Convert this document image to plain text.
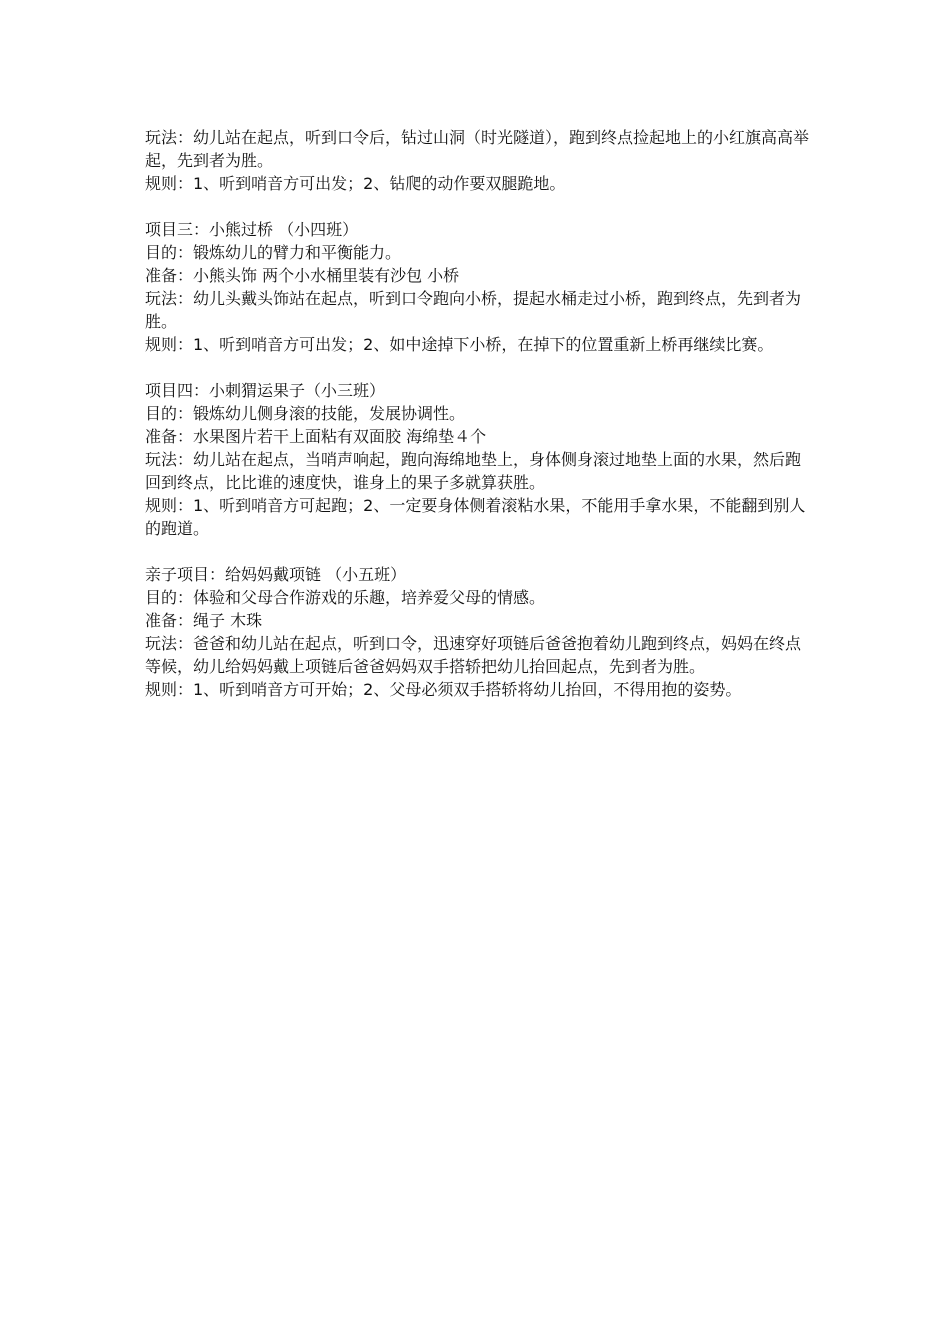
玩法：幼儿站在起点，听到口令后，钻过山洞（时光隧道），跑到终点捡起地上的小红旗高高举起，先到者为胜。

规则：1、听到哨音方可出发；2、钻爬的动作要双腿跪地。

项目三：小熊过桥 （小四班）

目的：锻炼幼儿的臂力和平衡能力。

准备：小熊头饰 两个小水桶里装有沙包 小桥

玩法：幼儿头戴头饰站在起点，听到口令跑向小桥，提起水桶走过小桥，跑到终点，先到者为胜。

规则：1、听到哨音方可出发；2、如中途掉下小桥，在掉下的位置重新上桥再继续比赛。

项目四：小刺猬运果子（小三班）

目的：锻炼幼儿侧身滚的技能，发展协调性。

准备：水果图片若干上面粘有双面胶 海绵垫４个

玩法：幼儿站在起点，当哨声响起，跑向海绵地垫上，身体侧身滚过地垫上面的水果，然后跑回到终点，比比谁的速度快，谁身上的果子多就算获胜。

规则：1、听到哨音方可起跑；2、一定要身体侧着滚粘水果，不能用手拿水果，不能翻到别人的跑道。

亲子项目：给妈妈戴项链 （小五班）

目的：体验和父母合作游戏的乐趣，培养爱父母的情感。

准备：绳子 木珠

玩法：爸爸和幼儿站在起点，听到口令，迅速穿好项链后爸爸抱着幼儿跑到终点，妈妈在终点等候，幼儿给妈妈戴上项链后爸爸妈妈双手搭轿把幼儿抬回起点，先到者为胜。

规则：1、听到哨音方可开始；2、父母必须双手搭轿将幼儿抬回，不得用抱的姿势。
